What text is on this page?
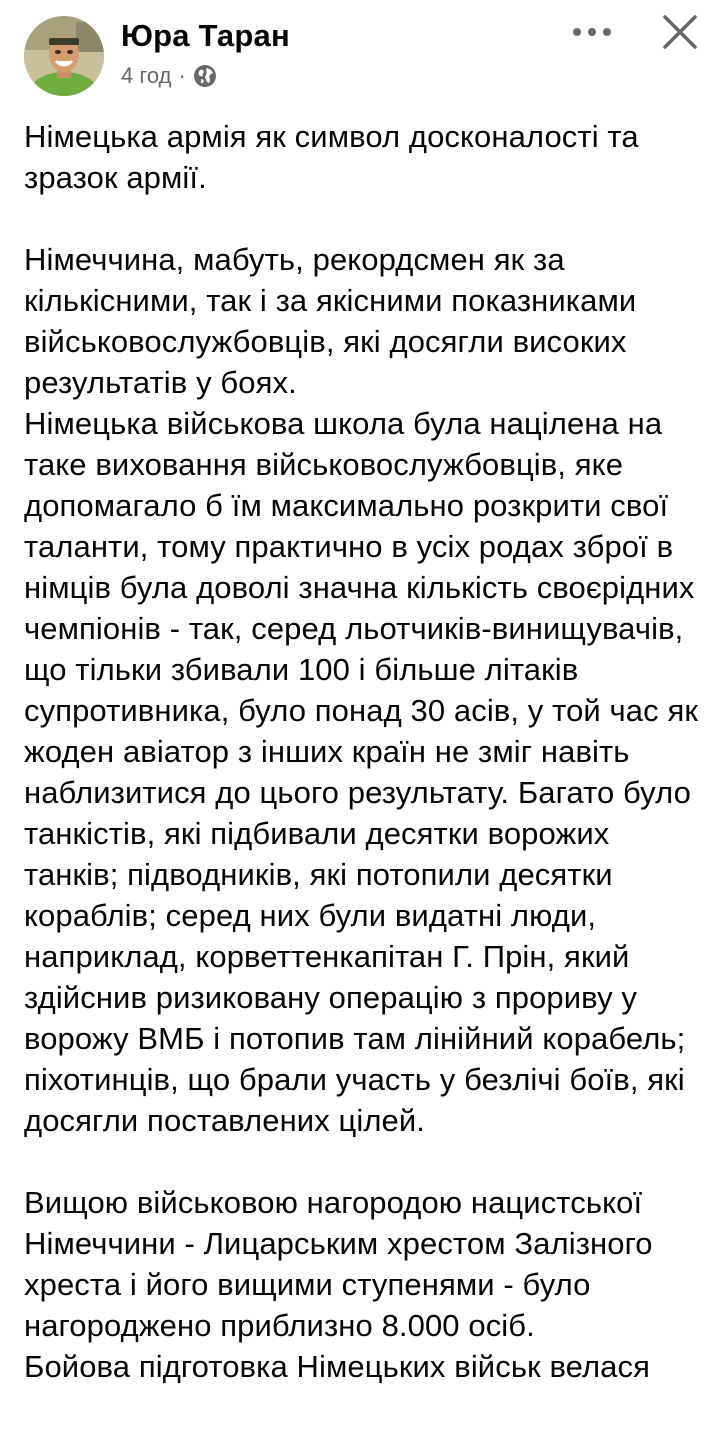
Юра Таран
4 год ·

Німецька армія як символ досконалості та зразок армії.

Німеччина, мабуть, рекордсмен як за кількісними, так і за якісними показниками військовослужбовців, які досягли високих результатів у боях.

Німецька військова школа була націлена на таке виховання військовослужбовців, яке допомагало б їм максимально розкрити свої таланти, тому практично в усіх родах зброї в німців була доволі значна кількість своєрідних чемпіонів - так, серед льотчиків-винищувачів, що тільки збивали 100 і більше літаків супротивника, було понад 30 асів, у той час як жоден авіатор з інших країн не зміг навіть наблизитися до цього результату. Багато було танкістів, які підбивали десятки ворожих танків; підводників, які потопили десятки кораблів; серед них були видатні люди, наприклад, корветтенкапітан Г. Прін, який здійснив ризиковану операцію з прориву у ворожу ВМБ і потопив там лінійний корабель; піхотинців, що брали участь у безлічі боїв, які досягли поставлених цілей.

Вищою військовою нагородою нацистської Німеччини - Лицарським хрестом Залізного хреста і його вищими ступенями - було нагороджено приблизно 8.000 осіб.

Бойова підготовка Німецьких військ велася
